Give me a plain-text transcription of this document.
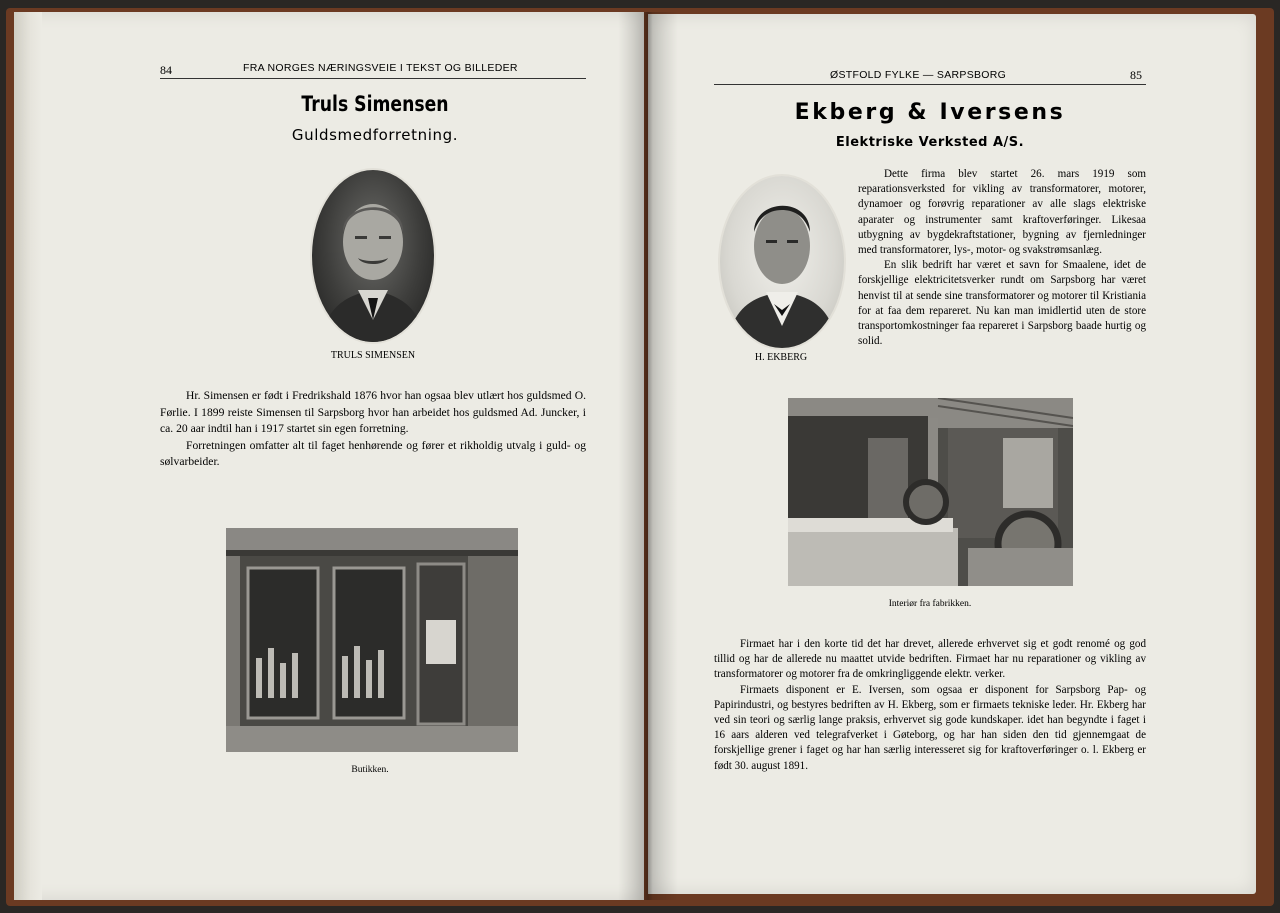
84	FRA NORGES NÆRINGSVEIE I TEKST OG BILLEDER
Truls Simensen
Guldsmedforretning.
TRULS SIMENSEN

Hr. Simensen er født i Fredrikshald 1876 hvor han ogsaa blev utlært hos guldsmed O. Førlie. I 1899 reiste Simensen til Sarpsborg hvor han arbeidet hos guldsmed Ad. Juncker, i ca. 20 aar indtil han i 1917 startet sin egen forretning.

Forretningen omfatter alt til faget henhørende og fører et rikholdig utvalg i guld- og sølvarbeider.

Butikken.
ØSTFOLD FYLKE — SARPSBORG	85
Ekberg & Iversens
Elektriske Verksted A/S.
H. EKBERG

Dette firma blev startet 26. mars 1919 som reparationsverksted for vikling av transformatorer, motorer, dynamoer og forøvrig reparationer av alle slags elektriske aparater og instrumenter samt kraftoverføringer. Likesaa utbygning av bygdekraftstationer, bygning av fjernledninger med transformatorer, lys-, motor- og svakstrømsanlæg.

En slik bedrift har været et savn for Smaalene, idet de forskjellige elektricitetsverker rundt om Sarpsborg har været henvist til at sende sine transformatorer og motorer til Kristiania for at faa dem repareret. Nu kan man imidlertid uten de store transportomkostninger faa repareret i Sarpsborg baade hurtig og solid.

Interiør fra fabrikken.

Firmaet har i den korte tid det har drevet, allerede erhvervet sig et godt renomé og god tillid og har de allerede nu maattet utvide bedriften. Firmaet har nu reparationer og vikling av transformatorer og motorer fra de omkringliggende elektr. verker.

Firmaets disponent er E. Iversen, som ogsaa er disponent for Sarpsborg Pap- og Papirindustri, og bestyres bedriften av H. Ekberg, som er firmaets tekniske leder. Hr. Ekberg har ved sin teori og særlig lange praksis, erhvervet sig gode kundskaper. idet han begyndte i faget i 16 aars alderen ved telegrafverket i Gøteborg, og har han siden den tid gjennemgaat de forskjellige grener i faget og har han særlig interesseret sig for kraftoverføringer o. l. Ekberg er født 30. august 1891.
